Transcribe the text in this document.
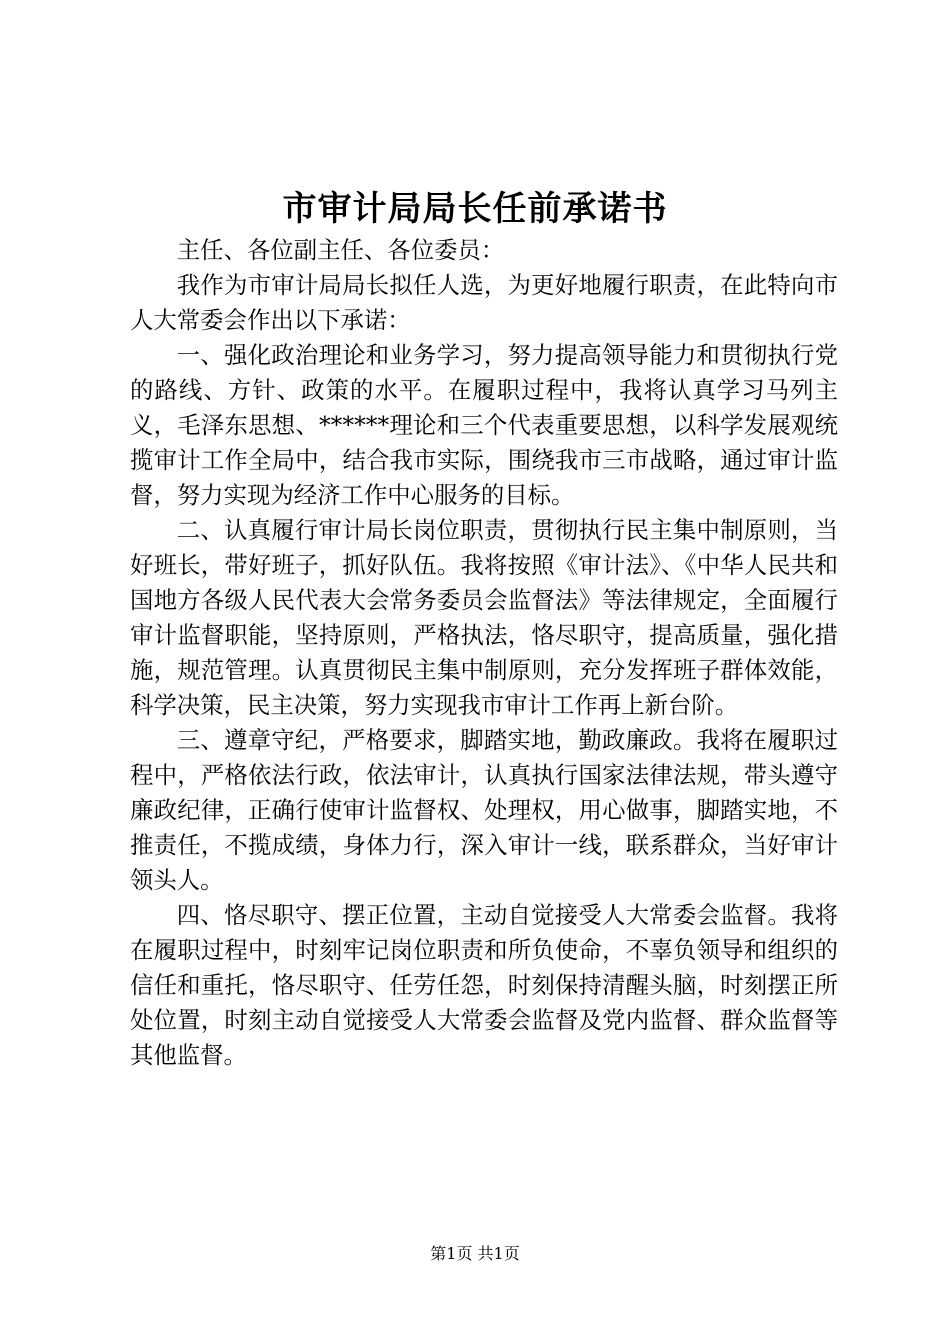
市审计局局长任前承诺书

主任、各位副主任、各位委员：

我作为市审计局局长拟任人选，为更好地履行职责，在此特向市人大常委会作出以下承诺：

一、强化政治理论和业务学习，努力提高领导能力和贯彻执行党的路线、方针、政策的水平。在履职过程中，我将认真学习马列主义，毛泽东思想、******理论和三个代表重要思想，以科学发展观统揽审计工作全局中，结合我市实际，围绕我市三市战略，通过审计监督，努力实现为经济工作中心服务的目标。

二、认真履行审计局长岗位职责，贯彻执行民主集中制原则，当好班长，带好班子，抓好队伍。我将按照《审计法》、《中华人民共和国地方各级人民代表大会常务委员会监督法》等法律规定，全面履行审计监督职能，坚持原则，严格执法，恪尽职守，提高质量，强化措施，规范管理。认真贯彻民主集中制原则，充分发挥班子群体效能，科学决策，民主决策，努力实现我市审计工作再上新台阶。

三、遵章守纪，严格要求，脚踏实地，勤政廉政。我将在履职过程中，严格依法行政，依法审计，认真执行国家法律法规，带头遵守廉政纪律，正确行使审计监督权、处理权，用心做事，脚踏实地，不推责任，不揽成绩，身体力行，深入审计一线，联系群众，当好审计领头人。

四、恪尽职守、摆正位置，主动自觉接受人大常委会监督。我将在履职过程中，时刻牢记岗位职责和所负使命，不辜负领导和组织的信任和重托，恪尽职守、任劳任怨，时刻保持清醒头脑，时刻摆正所处位置，时刻主动自觉接受人大常委会监督及党内监督、群众监督等其他监督。

第1页 共1页
